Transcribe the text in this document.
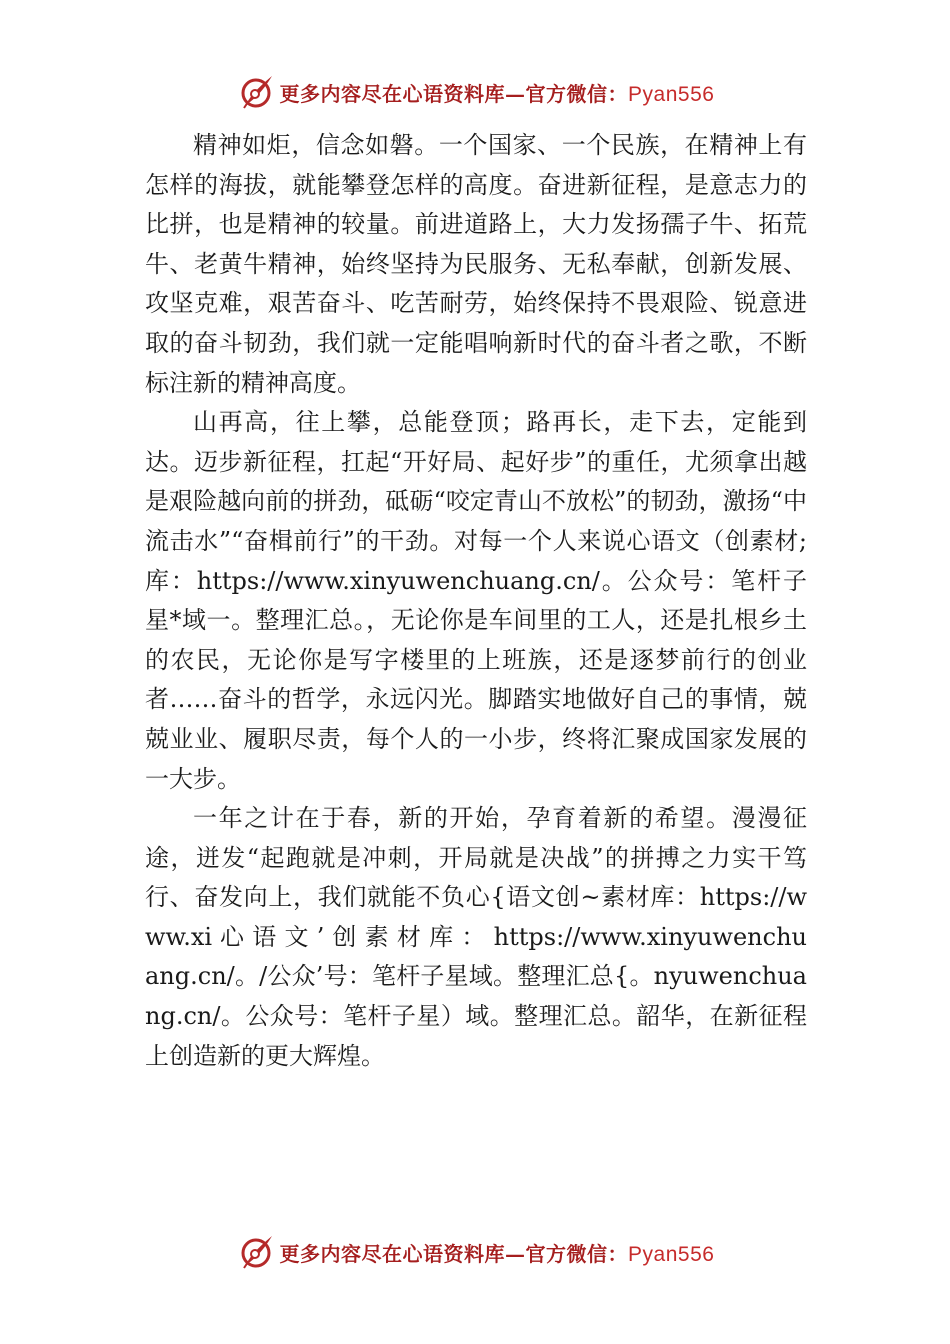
更多内容尽在心语资料库—官方微信：Pyan556

精神如炬，信念如磐。一个国家、一个民族，在精神上有怎样的海拔，就能攀登怎样的高度。奋进新征程，是意志力的比拼，也是精神的较量。前进道路上，大力发扬孺子牛、拓荒牛、老黄牛精神，始终坚持为民服务、无私奉献，创新发展、攻坚克难，艰苦奋斗、吃苦耐劳，始终保持不畏艰险、锐意进取的奋斗韧劲，我们就一定能唱响新时代的奋斗者之歌，不断标注新的精神高度。

山再高，往上攀，总能登顶；路再长，走下去，定能到达。迈步新征程，扛起“开好局、起好步”的重任，尤须拿出越是艰险越向前的拼劲，砥砺“咬定青山不放松”的韧劲，激扬“中流击水”“奋楫前行”的干劲。对每一个人来说心语文（创素材;库：https://www.xinyuwenchuang.cn/。公众号：笔杆子星*域一。整理汇总。，无论你是车间里的工人，还是扎根乡土的农民，无论你是写字楼里的上班族，还是逐梦前行的创业者……奋斗的哲学，永远闪光。脚踏实地做好自己的事情，兢兢业业、履职尽责，每个人的一小步，终将汇聚成国家发展的一大步。

一年之计在于春，新的开始，孕育着新的希望。漫漫征途，迸发“起跑就是冲刺，开局就是决战”的拼搏之力实干笃行、奋发向上，我们就能不负心{语文创~素材库：https://www.xi 心 语 文 ’ 创 素 材 库 ： https://www.xinyuwenchuang.cn/。/公众’号：笔杆子星域。整理汇总{。nyuwenchuang.cn/。公众号：笔杆子星）域。整理汇总。韶华，在新征程上创造新的更大辉煌。

更多内容尽在心语资料库—官方微信：Pyan556
